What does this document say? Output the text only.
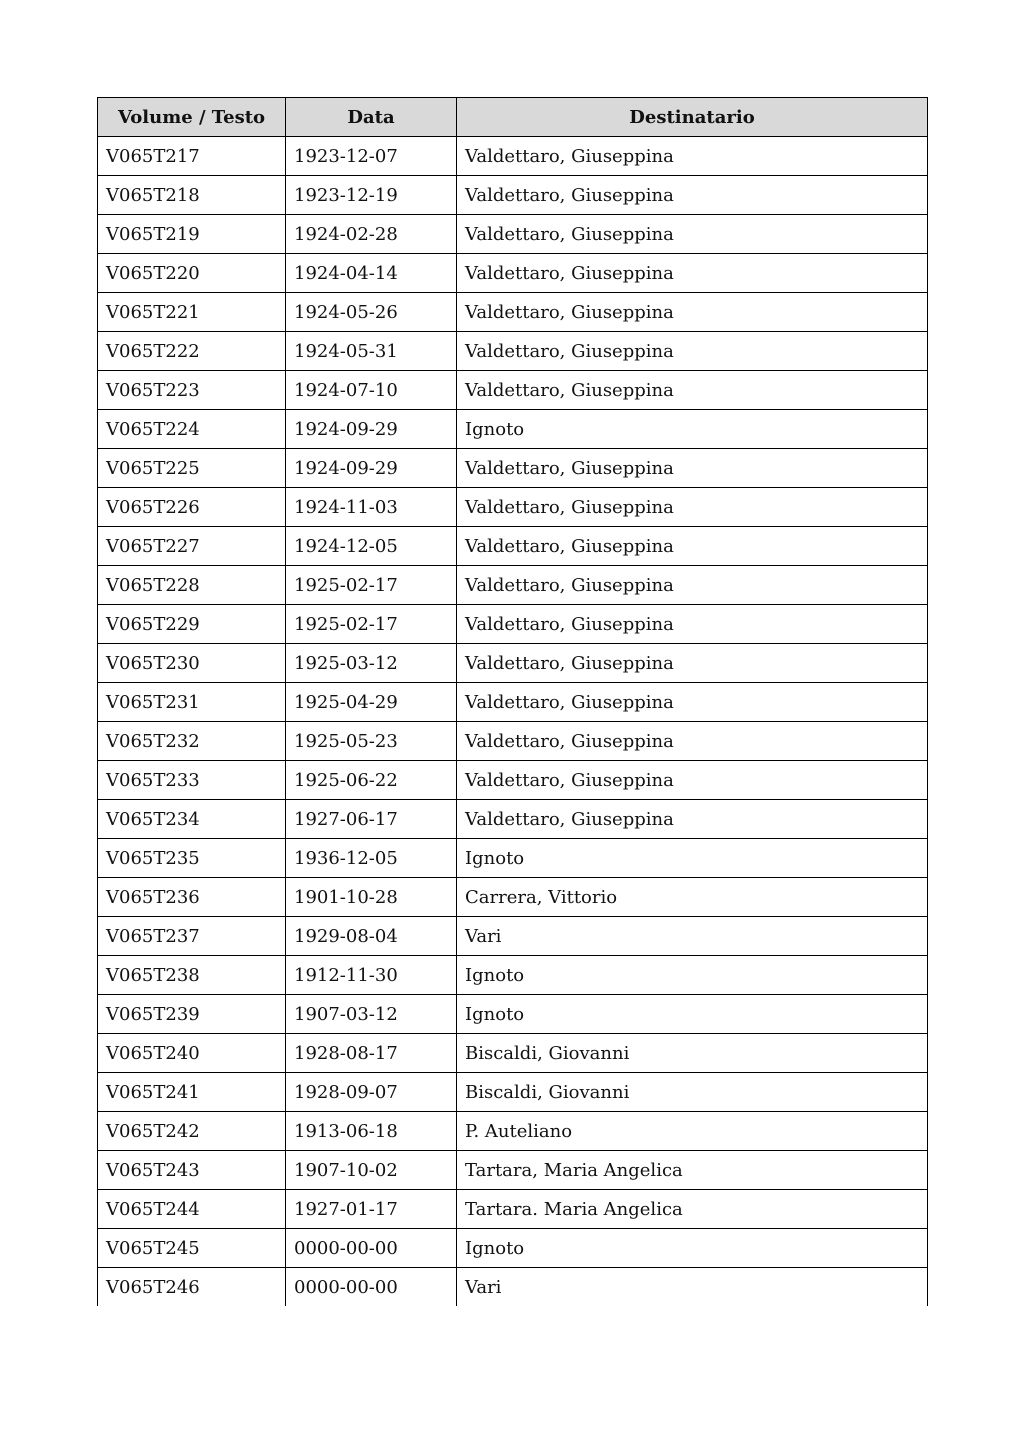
Volume / Testo	Data	Destinatario
V065T217	1923-12-07	Valdettaro, Giuseppina
V065T218	1923-12-19	Valdettaro, Giuseppina
V065T219	1924-02-28	Valdettaro, Giuseppina
V065T220	1924-04-14	Valdettaro, Giuseppina
V065T221	1924-05-26	Valdettaro, Giuseppina
V065T222	1924-05-31	Valdettaro, Giuseppina
V065T223	1924-07-10	Valdettaro, Giuseppina
V065T224	1924-09-29	Ignoto
V065T225	1924-09-29	Valdettaro, Giuseppina
V065T226	1924-11-03	Valdettaro, Giuseppina
V065T227	1924-12-05	Valdettaro, Giuseppina
V065T228	1925-02-17	Valdettaro, Giuseppina
V065T229	1925-02-17	Valdettaro, Giuseppina
V065T230	1925-03-12	Valdettaro, Giuseppina
V065T231	1925-04-29	Valdettaro, Giuseppina
V065T232	1925-05-23	Valdettaro, Giuseppina
V065T233	1925-06-22	Valdettaro, Giuseppina
V065T234	1927-06-17	Valdettaro, Giuseppina
V065T235	1936-12-05	Ignoto
V065T236	1901-10-28	Carrera, Vittorio
V065T237	1929-08-04	Vari
V065T238	1912-11-30	Ignoto
V065T239	1907-03-12	Ignoto
V065T240	1928-08-17	Biscaldi, Giovanni
V065T241	1928-09-07	Biscaldi, Giovanni
V065T242	1913-06-18	P. Auteliano
V065T243	1907-10-02	Tartara, Maria Angelica
V065T244	1927-01-17	Tartara. Maria Angelica
V065T245	0000-00-00	Ignoto
V065T246	0000-00-00	Vari
